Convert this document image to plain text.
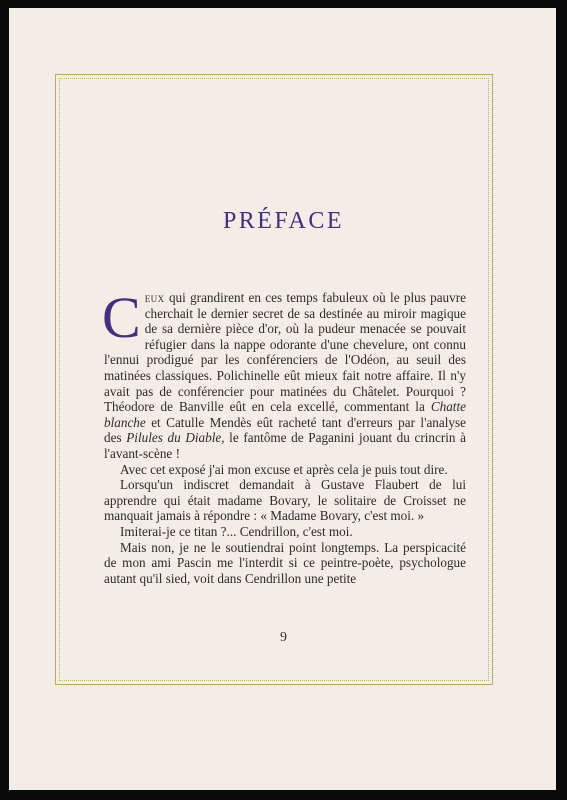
PRÉFACE

Ceux qui grandirent en ces temps fabuleux où le plus pauvre cherchait le dernier secret de sa destinée au miroir magique de sa dernière pièce d'or, où la pudeur menacée se pouvait réfugier dans la nappe odorante d'une chevelure, ont connu l'ennui prodigué par les conférenciers de l'Odéon, au seuil des matinées classiques. Polichinelle eût mieux fait notre affaire. Il n'y avait pas de conférencier pour matinées du Châtelet. Pourquoi ? Théodore de Banville eût en cela excellé, commentant la Chatte blanche et Catulle Mendès eût racheté tant d'erreurs par l'analyse des Pilules du Diable, le fantôme de Paganini jouant du crincrin à l'avant-scène !

Avec cet exposé j'ai mon excuse et après cela je puis tout dire.

Lorsqu'un indiscret demandait à Gustave Flaubert de lui apprendre qui était madame Bovary, le solitaire de Croisset ne manquait jamais à répondre : « Madame Bovary, c'est moi. »

Imiterai-je ce titan ?... Cendrillon, c'est moi.

Mais non, je ne le soutiendrai point longtemps. La perspicacité de mon ami Pascin me l'interdit si ce peintre-poète, psychologue autant qu'il sied, voit dans Cendrillon une petite

9
